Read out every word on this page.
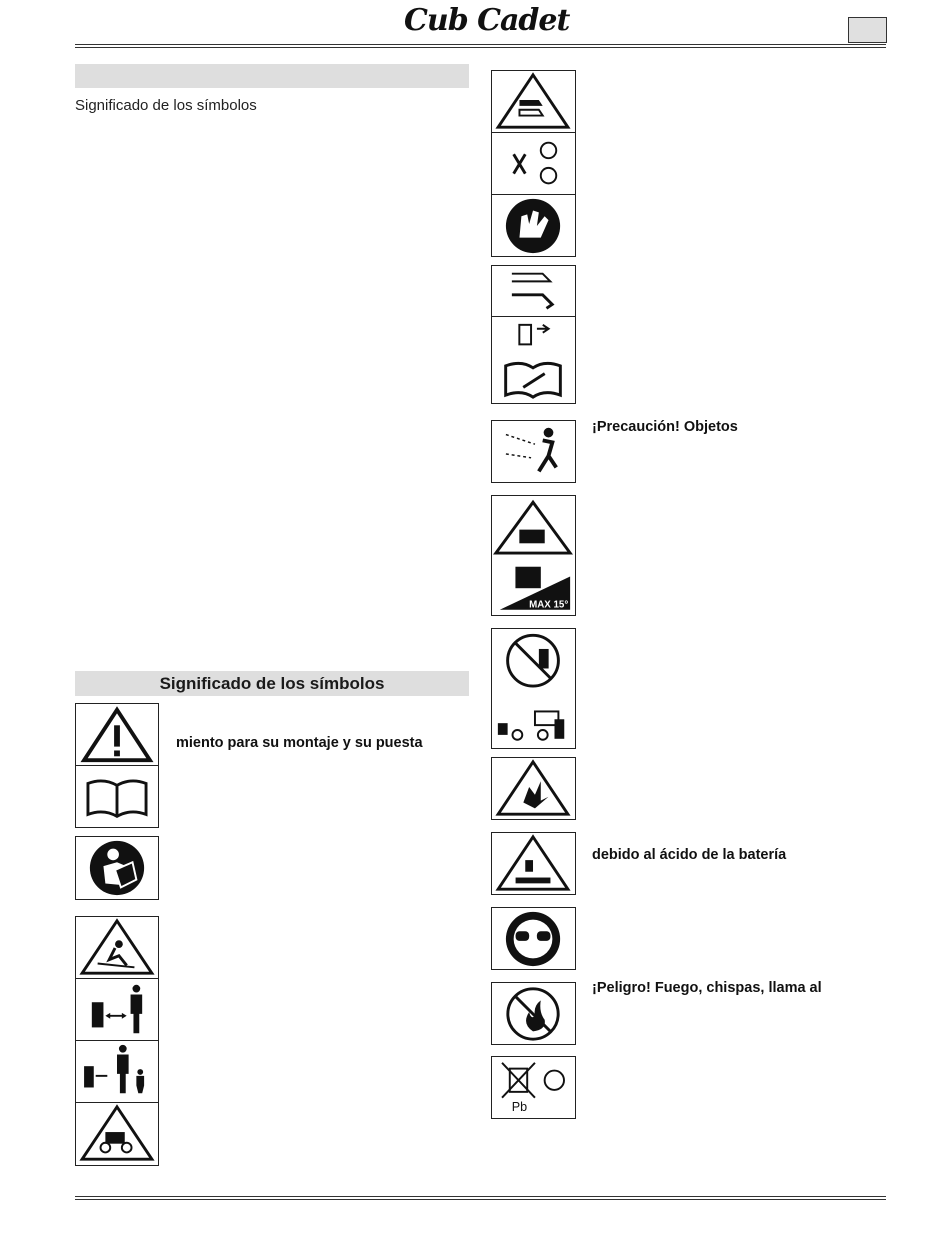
Cub Cadet
Significado de los símbolos
Significado de los símbolos
miento para su montaje y su puesta
¡Precaución! Objetos
MAX 15°
debido al ácido de la batería
¡Peligro! Fuego, chispas, llama al
Pb
